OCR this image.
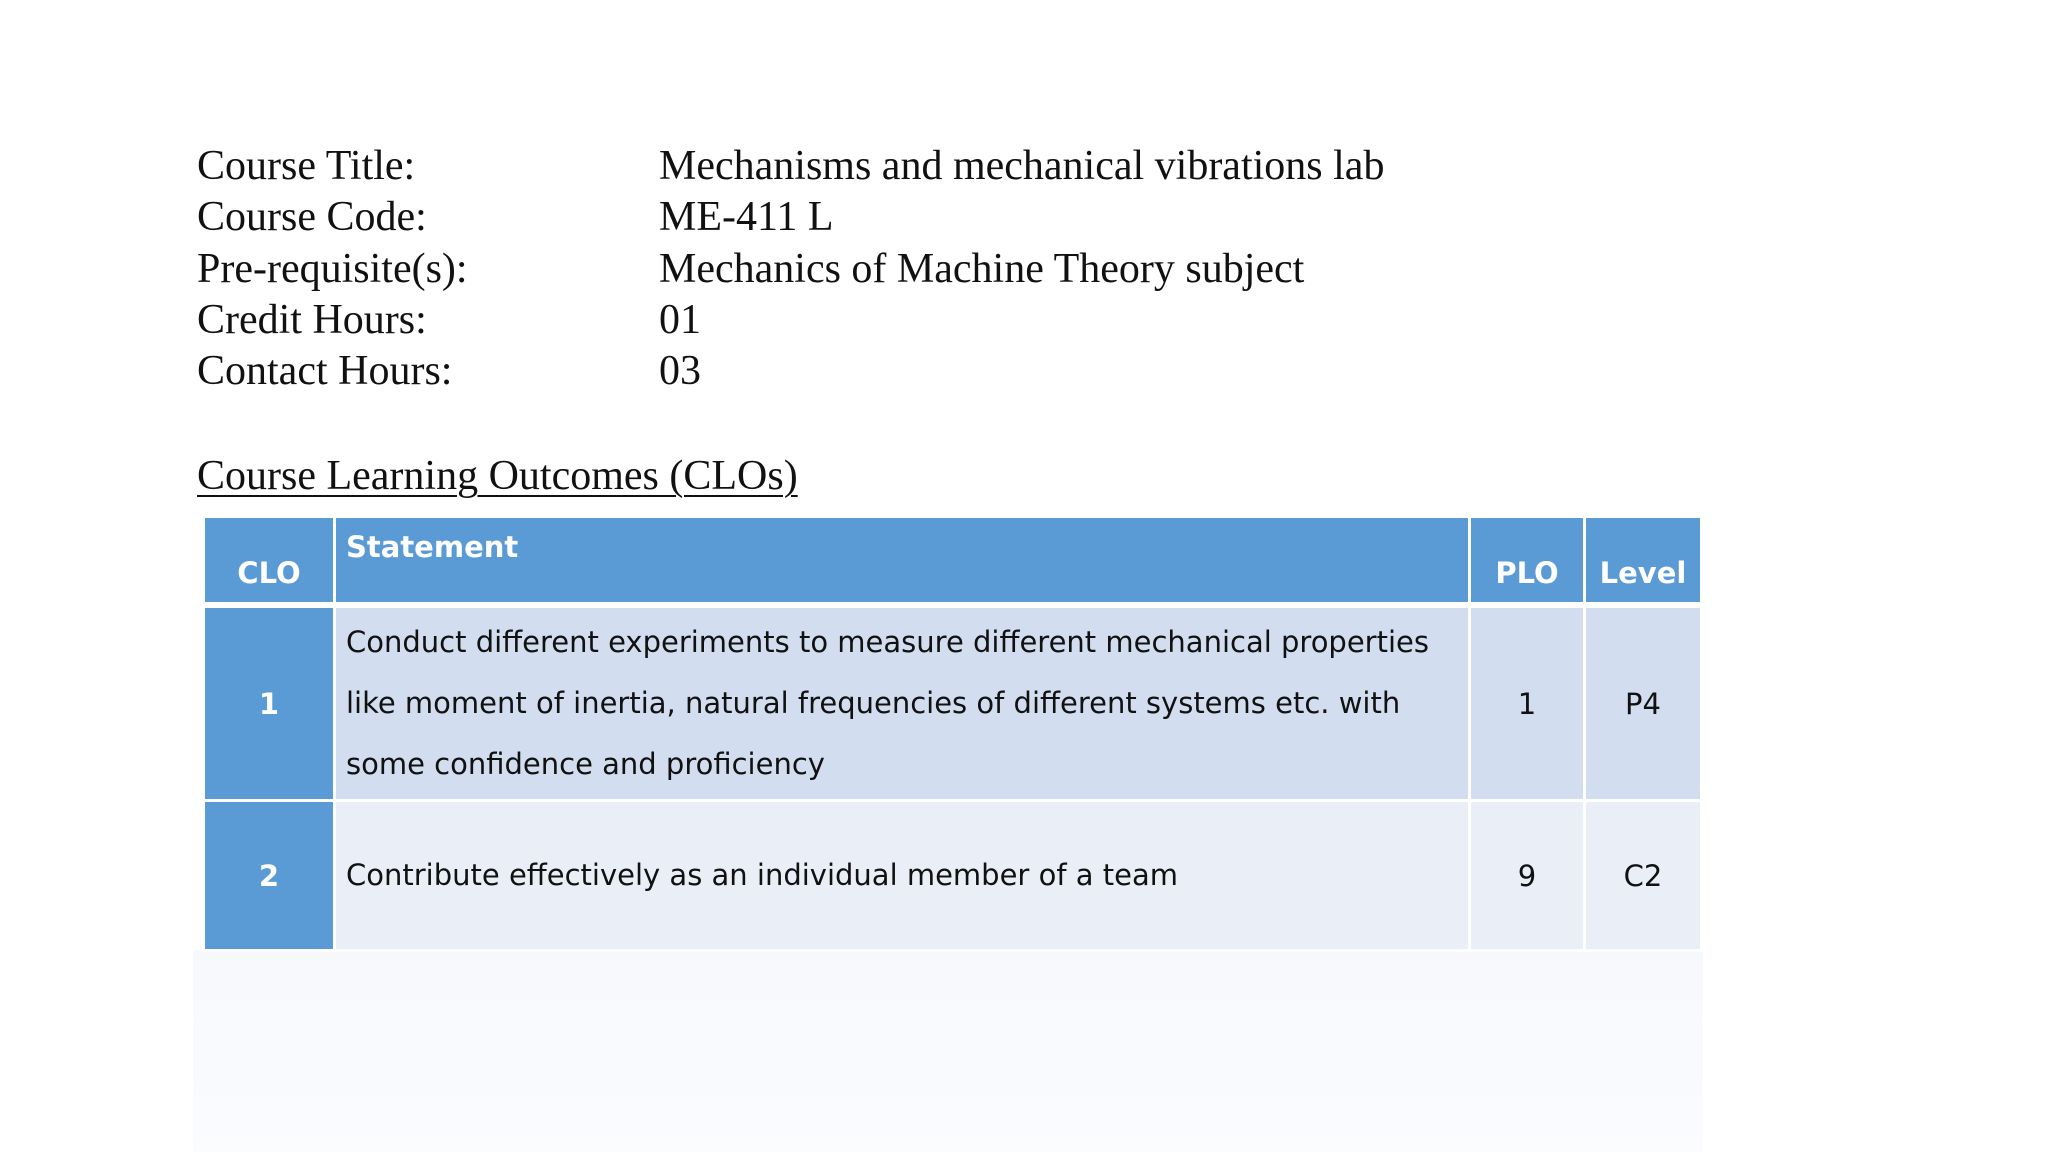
Course Title:	Mechanisms and mechanical vibrations lab
Course Code:	ME-411 L
Pre-requisite(s):	Mechanics of Machine Theory subject
Credit Hours:	01
Contact Hours:	03
Course Learning Outcomes (CLOs)
CLO	Statement	PLO	Level
1	Conduct different experiments to measure different mechanical properties like moment of inertia, natural frequencies of different systems etc. with some confidence and proficiency	1	P4
2	Contribute effectively as an individual member of a team	9	C2
